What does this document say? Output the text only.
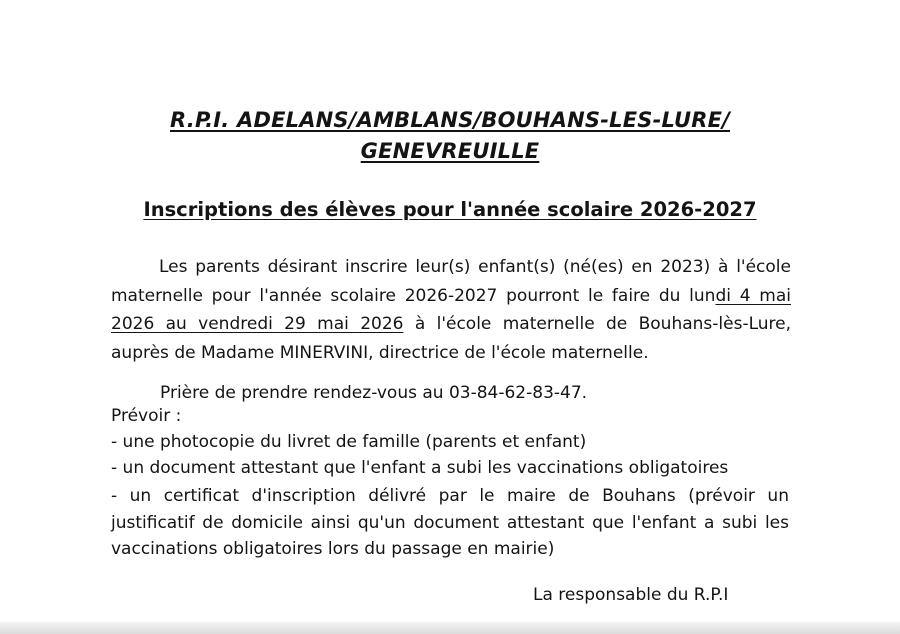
R.P.I. ADELANS/AMBLANS/BOUHANS-LES-LURE/
GENEVREUILLE
Inscriptions des élèves pour l'année scolaire 2026-2027
Les parents désirant inscrire leur(s) enfant(s) (né(es) en 2023) à l'école maternelle pour l'année scolaire 2026-2027 pourront le faire du lundi 4 mai 2026 au vendredi 29 mai 2026 à l'école maternelle de Bouhans-lès-Lure, auprès de Madame MINERVINI, directrice de l'école maternelle.
Prière de prendre rendez-vous au 03-84-62-83-47.
Prévoir :
- une photocopie du livret de famille (parents et enfant)
- un document attestant que l'enfant a subi les vaccinations obligatoires
- un certificat d'inscription délivré par le maire de Bouhans (prévoir un justificatif de domicile ainsi qu'un document attestant que l'enfant a subi les vaccinations obligatoires lors du passage en mairie)
La responsable du R.P.I
